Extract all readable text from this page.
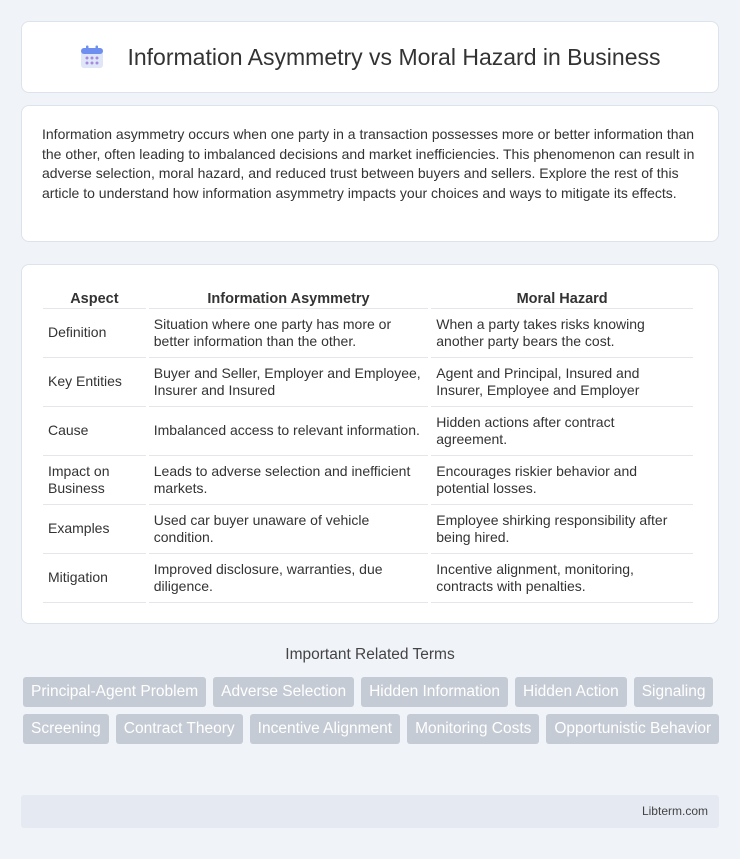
Information Asymmetry vs Moral Hazard in Business

Information asymmetry occurs when one party in a transaction possesses more or better information than the other, often leading to imbalanced decisions and market inefficiencies. This phenomenon can result in adverse selection, moral hazard, and reduced trust between buyers and sellers. Explore the rest of this article to understand how information asymmetry impacts your choices and ways to mitigate its effects.

Aspect	Information Asymmetry	Moral Hazard
Definition	Situation where one party has more or better information than the other.	When a party takes risks knowing another party bears the cost.
Key Entities	Buyer and Seller, Employer and Employee, Insurer and Insured	Agent and Principal, Insured and Insurer, Employee and Employer
Cause	Imbalanced access to relevant information.	Hidden actions after contract agreement.
Impact on Business	Leads to adverse selection and inefficient markets.	Encourages riskier behavior and potential losses.
Examples	Used car buyer unaware of vehicle condition.	Employee shirking responsibility after being hired.
Mitigation	Improved disclosure, warranties, due diligence.	Incentive alignment, monitoring, contracts with penalties.
Important Related Terms
Principal-Agent Problem	Adverse Selection	Hidden Information	Hidden Action	Signaling
Screening	Contract Theory	Incentive Alignment	Monitoring Costs	Opportunistic Behavior
Libterm.com
